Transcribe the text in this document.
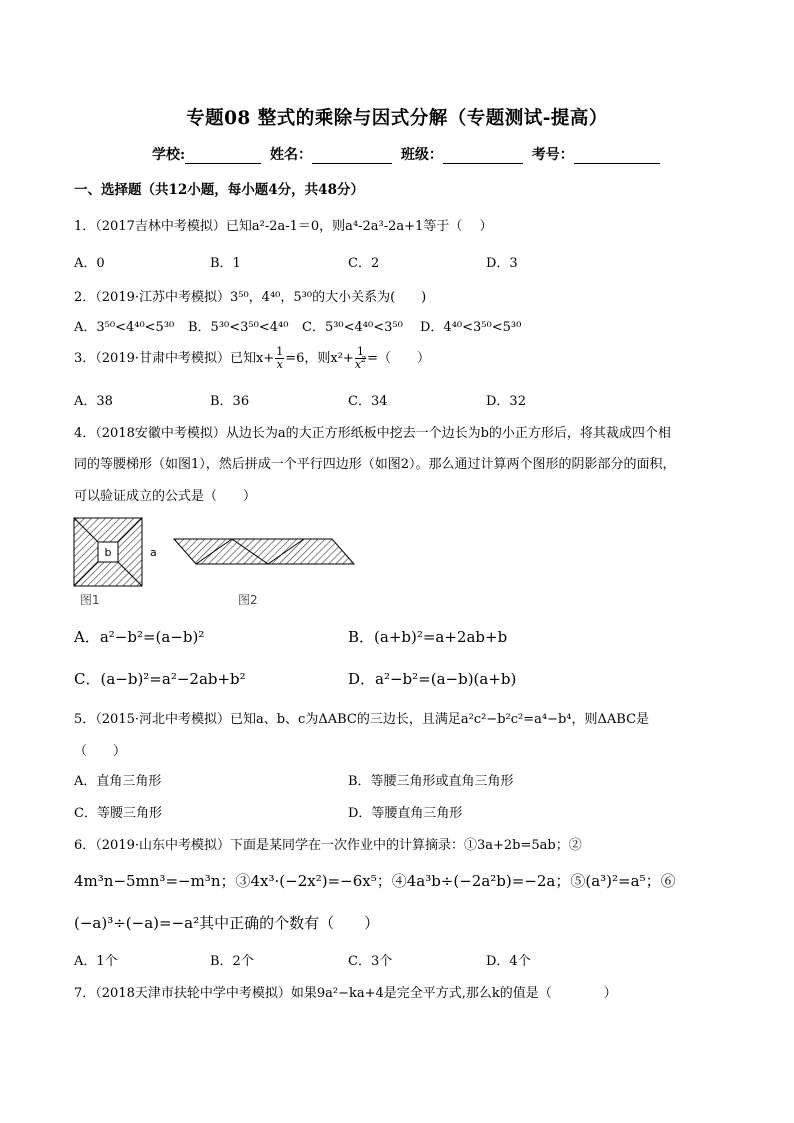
专题08 整式的乘除与因式分解（专题测试-提高）
学校:	姓名：	班级：	考号：
一、选择题（共12小题，每小题4分，共48分）
1．（2017吉林中考模拟）已知a²-2a-1＝0，则a⁴-2a³-2a+1等于（　 ）
A．0	B．1	C．2	D．3
2．（2019·江苏中考模拟）3⁵⁰，4⁴⁰，5³⁰的大小关系为(　　)
A．3⁵⁰<4⁴⁰<5³⁰ B．5³⁰<3⁵⁰<4⁴⁰ C．5³⁰<4⁴⁰<3⁵⁰ D．4⁴⁰<3⁵⁰<5³⁰
3．（2019·甘肃中考模拟）已知$x+ \frac{1}{x} =6$，则$x^2+ \frac{1}{x^2}$ =（　　）
A．38	B．36	C．34	D．32
4．（2018安徽中考模拟）从边长为a的大正方形纸板中挖去一个边长为b的小正方形后，将其裁成四个相
同的等腰梯形（如图1），然后拼成一个平行四边形（如图2）。那么通过计算两个图形的阴影部分的面积，
可以验证成立的公式是（　　）
b	a
图1	图2
A．a²−b²=(a−b)²	B．(a+b)²=a+2ab+b
C．(a−b)²=a²−2ab+b²	D．a²−b²=(a−b)(a+b)
5．（2015·河北中考模拟）已知a、b、c为ΔABC的三边长，且满足a²c²−b²c²=a⁴−b⁴，则ΔABC是
（　　）
A．直角三角形	B．等腰三角形或直角三角形
C．等腰三角形	D．等腰直角三角形
6．（2019·山东中考模拟）下面是某同学在一次作业中的计算摘录：①3a+2b=5ab；②
4m³n−5mn³=−m³n；③4x³·(−2x²)=−6x⁵；④4a³b÷(−2a²b)=−2a；⑤(a³)²=a⁵；⑥
(−a)³÷(−a)=−a²其中正确的个数有（　　）
A．1个	B．2个	C．3个	D．4个
7．（2018天津市扶轮中学中考模拟）如果9a²−ka+4是完全平方式,那么k的值是（　　　　）
